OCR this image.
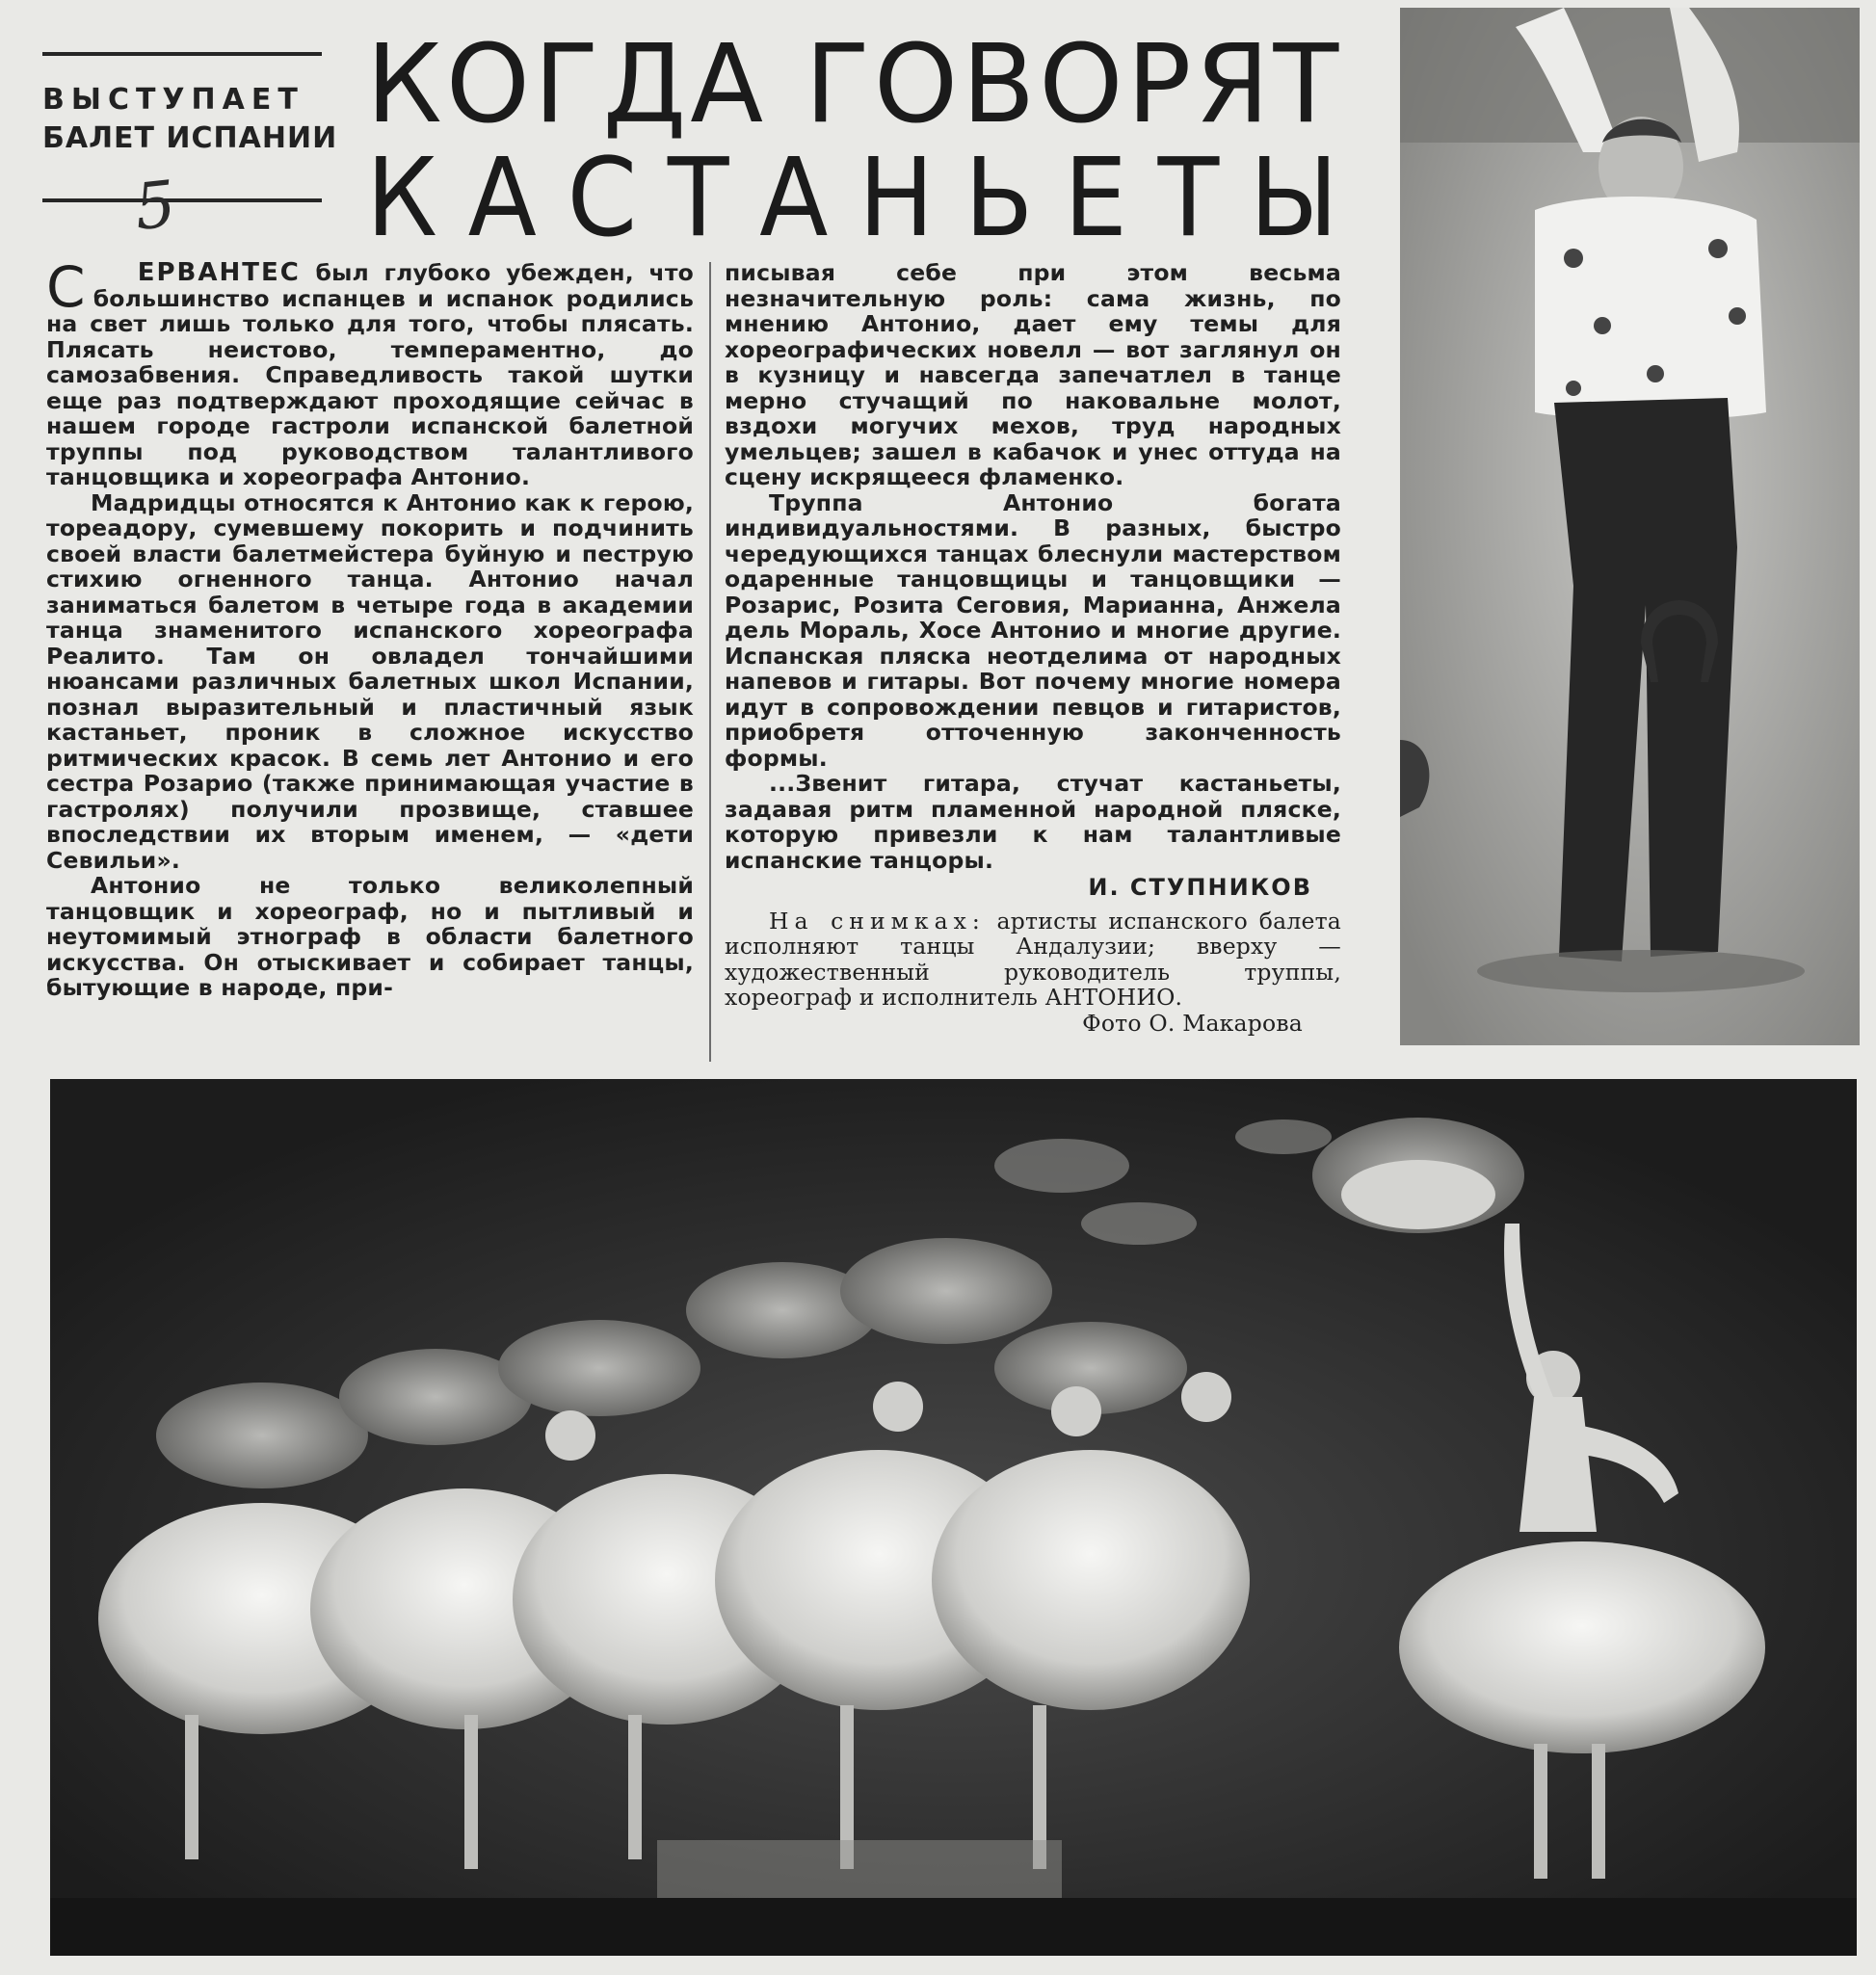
ВЫСТУПАЕТ
БАЛЕТ ИСПАНИИ
5
КОГДА ГОВОРЯТ
КАСТАНЬЕТЫ

С ЕРВАНТЕС был глубоко убежден, что большинство испанцев и испанок родились на свет лишь только для того, чтобы плясать. Плясать неистово, темпераментно, до самозабвения. Справедливость такой шутки еще раз подтверждают проходящие сейчас в нашем городе гастроли испанской балетной труппы под руководством талантливого танцовщика и хореографа Антонио.

Мадридцы относятся к Антонио как к герою, тореадору, сумевшему покорить и подчинить своей власти балетмейстера буйную и пеструю стихию огненного танца. Антонио начал заниматься балетом в четыре года в академии танца знаменитого испанского хореографа Реалито. Там он овладел тончайшими нюансами различных балетных школ Испании, познал выразительный и пластичный язык кастаньет, проник в сложное искусство ритмических красок. В семь лет Антонио и его сестра Розарио (также принимающая участие в гастролях) получили прозвище, ставшее впоследствии их вторым именем, — «дети Севильи».

Антонио не только великолепный танцовщик и хореограф, но и пытливый и неутомимый этнограф в области балетного искусства. Он отыскивает и собирает танцы, бытующие в народе, при-

писывая себе при этом весьма незначительную роль: сама жизнь, по мнению Антонио, дает ему темы для хореографических новелл — вот заглянул он в кузницу и навсегда запечатлел в танце мерно стучащий по наковальне молот, вздохи могучих мехов, труд народных умельцев; зашел в кабачок и унес оттуда на сцену искрящееся фламенко.

Труппа Антонио богата индивидуальностями. В разных, быстро чередующихся танцах блеснули мастерством одаренные танцовщицы и танцовщики — Розарис, Розита Сеговия, Марианна, Анжела дель Мораль, Хосе Антонио и многие другие. Испанская пляска неотделима от народных напевов и гитары. Вот почему многие номера идут в сопровождении певцов и гитаристов, приобретя отточенную законченность формы.

...Звенит гитара, стучат кастаньеты, задавая ритм пламенной народной пляске, которую привезли к нам талантливые испанские танцоры.

И. СТУПНИКОВ
На снимках: артисты испанского балета исполняют танцы Андалузии; вверху — художественный руководитель труппы, хореограф и исполнитель АНТОНИО.
Фото О. Макарова
